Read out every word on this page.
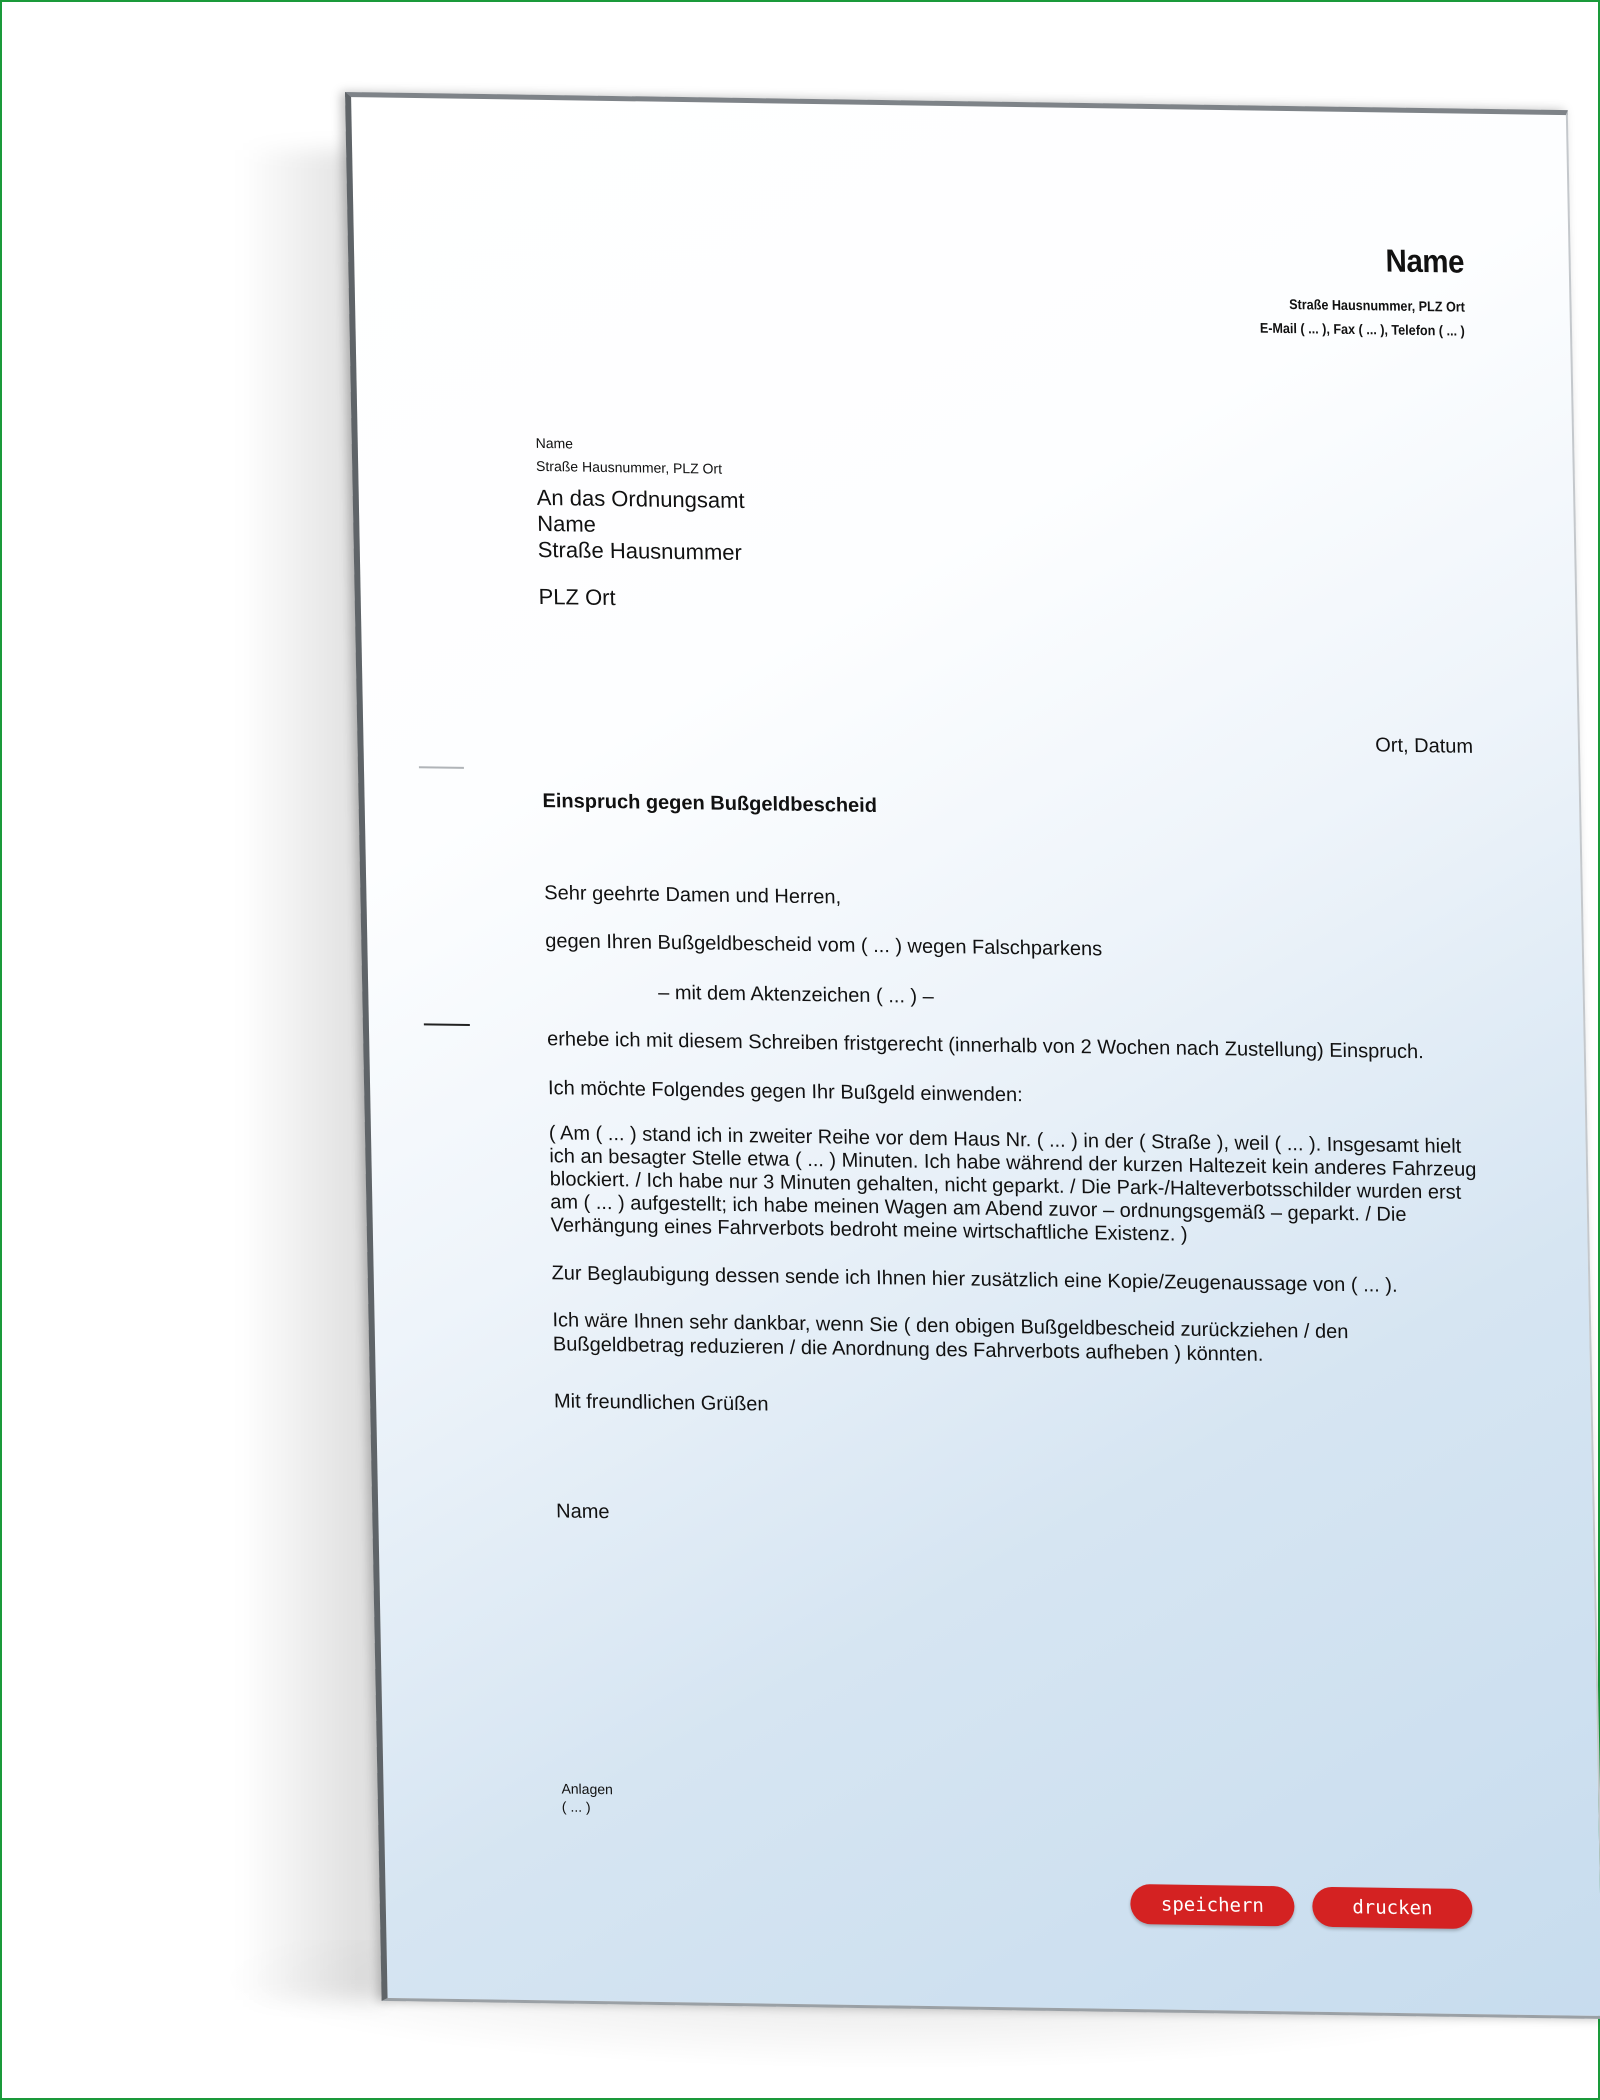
Name
Straße Hausnummer, PLZ Ort
E-Mail ( ... ), Fax ( ... ), Telefon ( ... )
Name
Straße Hausnummer, PLZ Ort
An das Ordnungsamt
Name
Straße Hausnummer
PLZ Ort
Ort, Datum
Einspruch gegen Bußgeldbescheid
Sehr geehrte Damen und Herren,
gegen Ihren Bußgeldbescheid vom ( ... ) wegen Falschparkens
– mit dem Aktenzeichen ( ... ) –
erhebe ich mit diesem Schreiben fristgerecht (innerhalb von 2 Wochen nach Zustellung) Einspruch.
Ich möchte Folgendes gegen Ihr Bußgeld einwenden:
( Am ( ... ) stand ich in zweiter Reihe vor dem Haus Nr. ( ... ) in der ( Straße ), weil ( ... ). Insgesamt hielt ich an besagter Stelle etwa ( ... ) Minuten. Ich habe während der kurzen Haltezeit kein anderes Fahrzeug blockiert. / Ich habe nur 3 Minuten gehalten, nicht geparkt. / Die Park-/Halteverbotsschilder wurden erst am ( ... ) aufgestellt; ich habe meinen Wagen am Abend zuvor – ordnungsgemäß – geparkt. / Die Verhängung eines Fahrverbots bedroht meine wirtschaftliche Existenz. )
Zur Beglaubigung dessen sende ich Ihnen hier zusätzlich eine Kopie/Zeugenaussage von ( ... ).
Ich wäre Ihnen sehr dankbar, wenn Sie ( den obigen Bußgeldbescheid zurückziehen / den Bußgeldbetrag reduzieren / die Anordnung des Fahrverbots aufheben ) könnten.
Mit freundlichen Grüßen
Name
Anlagen
( ... )
speichern	drucken
